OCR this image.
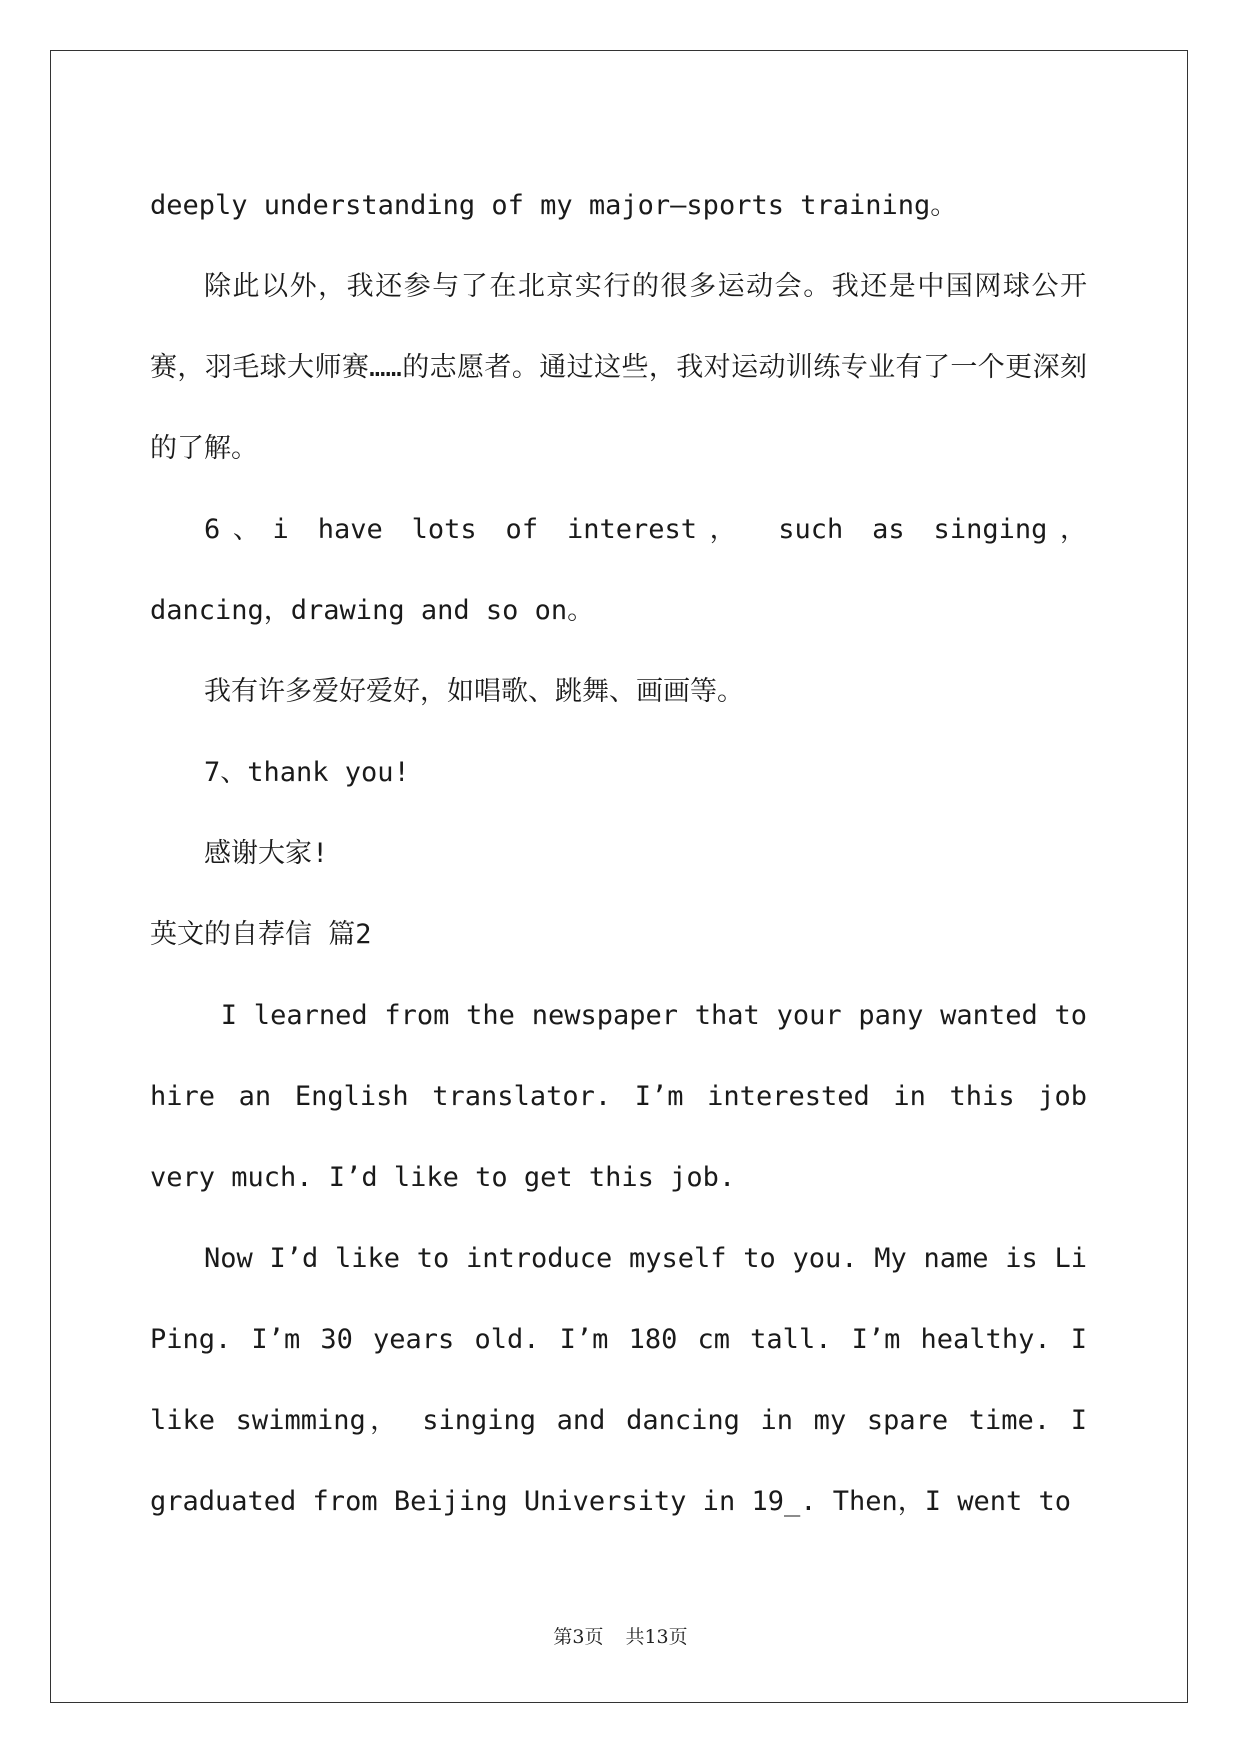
deeply understanding of my major—sports training。

除此以外，我还参与了在北京实行的很多运动会。我还是中国网球公开赛，羽毛球大师赛……的志愿者。通过这些，我对运动训练专业有了一个更深刻的了解。

6、i have lots of interest， such as singing， dancing，drawing and so on。

我有许多爱好爱好，如唱歌、跳舞、画画等。

7、thank you!

感谢大家!

英文的自荐信 篇2

I learned from the newspaper that your pany wanted to hire an English translator. I’m interested in this job very much. I’d like to get this job.

Now I’d like to introduce myself to you. My name is Li Ping. I’m 30 years old. I’m 180 cm tall. I’m healthy. I like swimming， singing and dancing in my spare time. I graduated from Beijing University in 19_. Then，I went to

第3页 共13页
